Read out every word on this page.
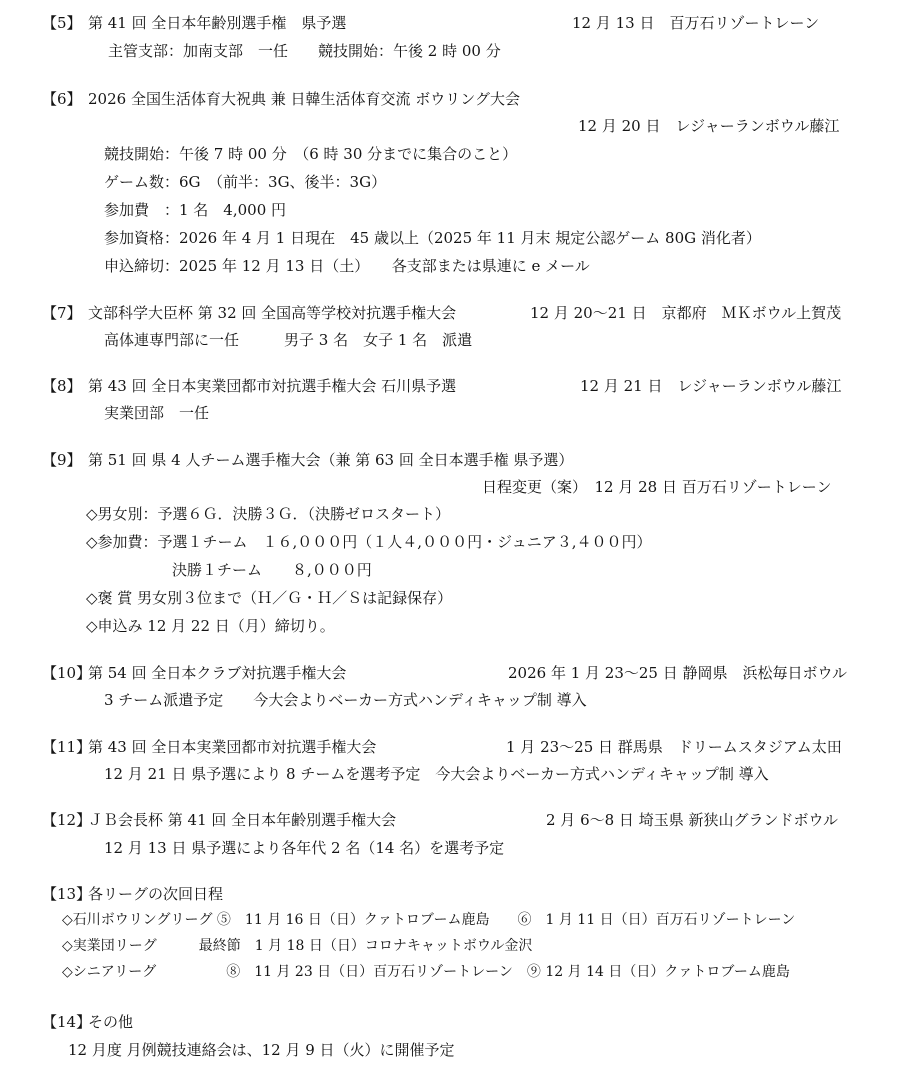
【5】 第 41 回 全日本年齢別選手権　県予選	12 月 13 日　百万石リゾートレーン
主管支部：加南支部　一任　　競技開始：午後 2 時 00 分
【6】 2026 全国生活体育大祝典 兼 日韓生活体育交流 ボウリング大会
12 月 20 日　レジャーランボウル藤江
競技開始：午後 7 時 00 分　（6 時 30 分までに集合のこと）
ゲーム数：6G　（前半：3G、後半：3G）
参加費　：1 名　4,000 円
参加資格：2026 年 4 月 1 日現在　45 歳以上（2025 年 11 月末 規定公認ゲーム 80G 消化者）
申込締切：2025 年 12 月 13 日（土）　　各支部または県連に e メール
【7】 文部科学大臣杯 第 32 回 全国高等学校対抗選手権大会	12 月 20～21 日　京都府　ＭＫボウル上賀茂
高体連専門部に一任　　　男子 3 名　女子 1 名　派遣
【8】 第 43 回 全日本実業団都市対抗選手権大会 石川県予選	12 月 21 日　レジャーランボウル藤江
実業団部　一任
【9】 第 51 回 県 4 人チーム選手権大会（兼 第 63 回 全日本選手権 県予選）
日程変更（案）　12 月 28 日 百万石リゾートレーン
◇男女別：予選６Ｇ．決勝３Ｇ．（決勝ゼロスタート）
◇参加費：予選１チーム　１６,０００円（１人４,０００円・ジュニア３,４００円）
決勝１チーム　　８,０００円
◇褒 賞 男女別３位まで（Ｈ／Ｇ・Ｈ／Ｓは記録保存）
◇申込み 12 月 22 日（月）締切り。
【10】
第 54 回 全日本クラブ対抗選手権大会	2026 年 1 月 23～25 日 静岡県　浜松毎日ボウル
3 チーム派遣予定　　今大会よりベーカー方式ハンディキャップ制 導入
【11】
第 43 回 全日本実業団都市対抗選手権大会	1 月 23～25 日 群馬県　ドリームスタジアム太田
12 月 21 日 県予選により 8 チームを選考予定　今大会よりベーカー方式ハンディキャップ制 導入
【12】
ＪＢ会長杯 第 41 回 全日本年齢別選手権大会	2 月 6～8 日 埼玉県 新狭山グランドボウル
12 月 13 日 県予選により各年代 2 名（14 名）を選考予定
【13】
各リーグの次回日程
◇石川ボウリングリーグ ⑤　11 月 16 日（日）クァトロブーム鹿島　　⑥　1 月 11 日（日）百万石リゾートレーン
◇実業団リーグ　　　最終節　1 月 18 日（日）コロナキャットボウル金沢
◇シニアリーグ　　　　　⑧　11 月 23 日（日）百万石リゾートレーン　⑨ 12 月 14 日（日）クァトロブーム鹿島
【14】
その他
12 月度 月例競技連絡会は、12 月 9 日（火）に開催予定
